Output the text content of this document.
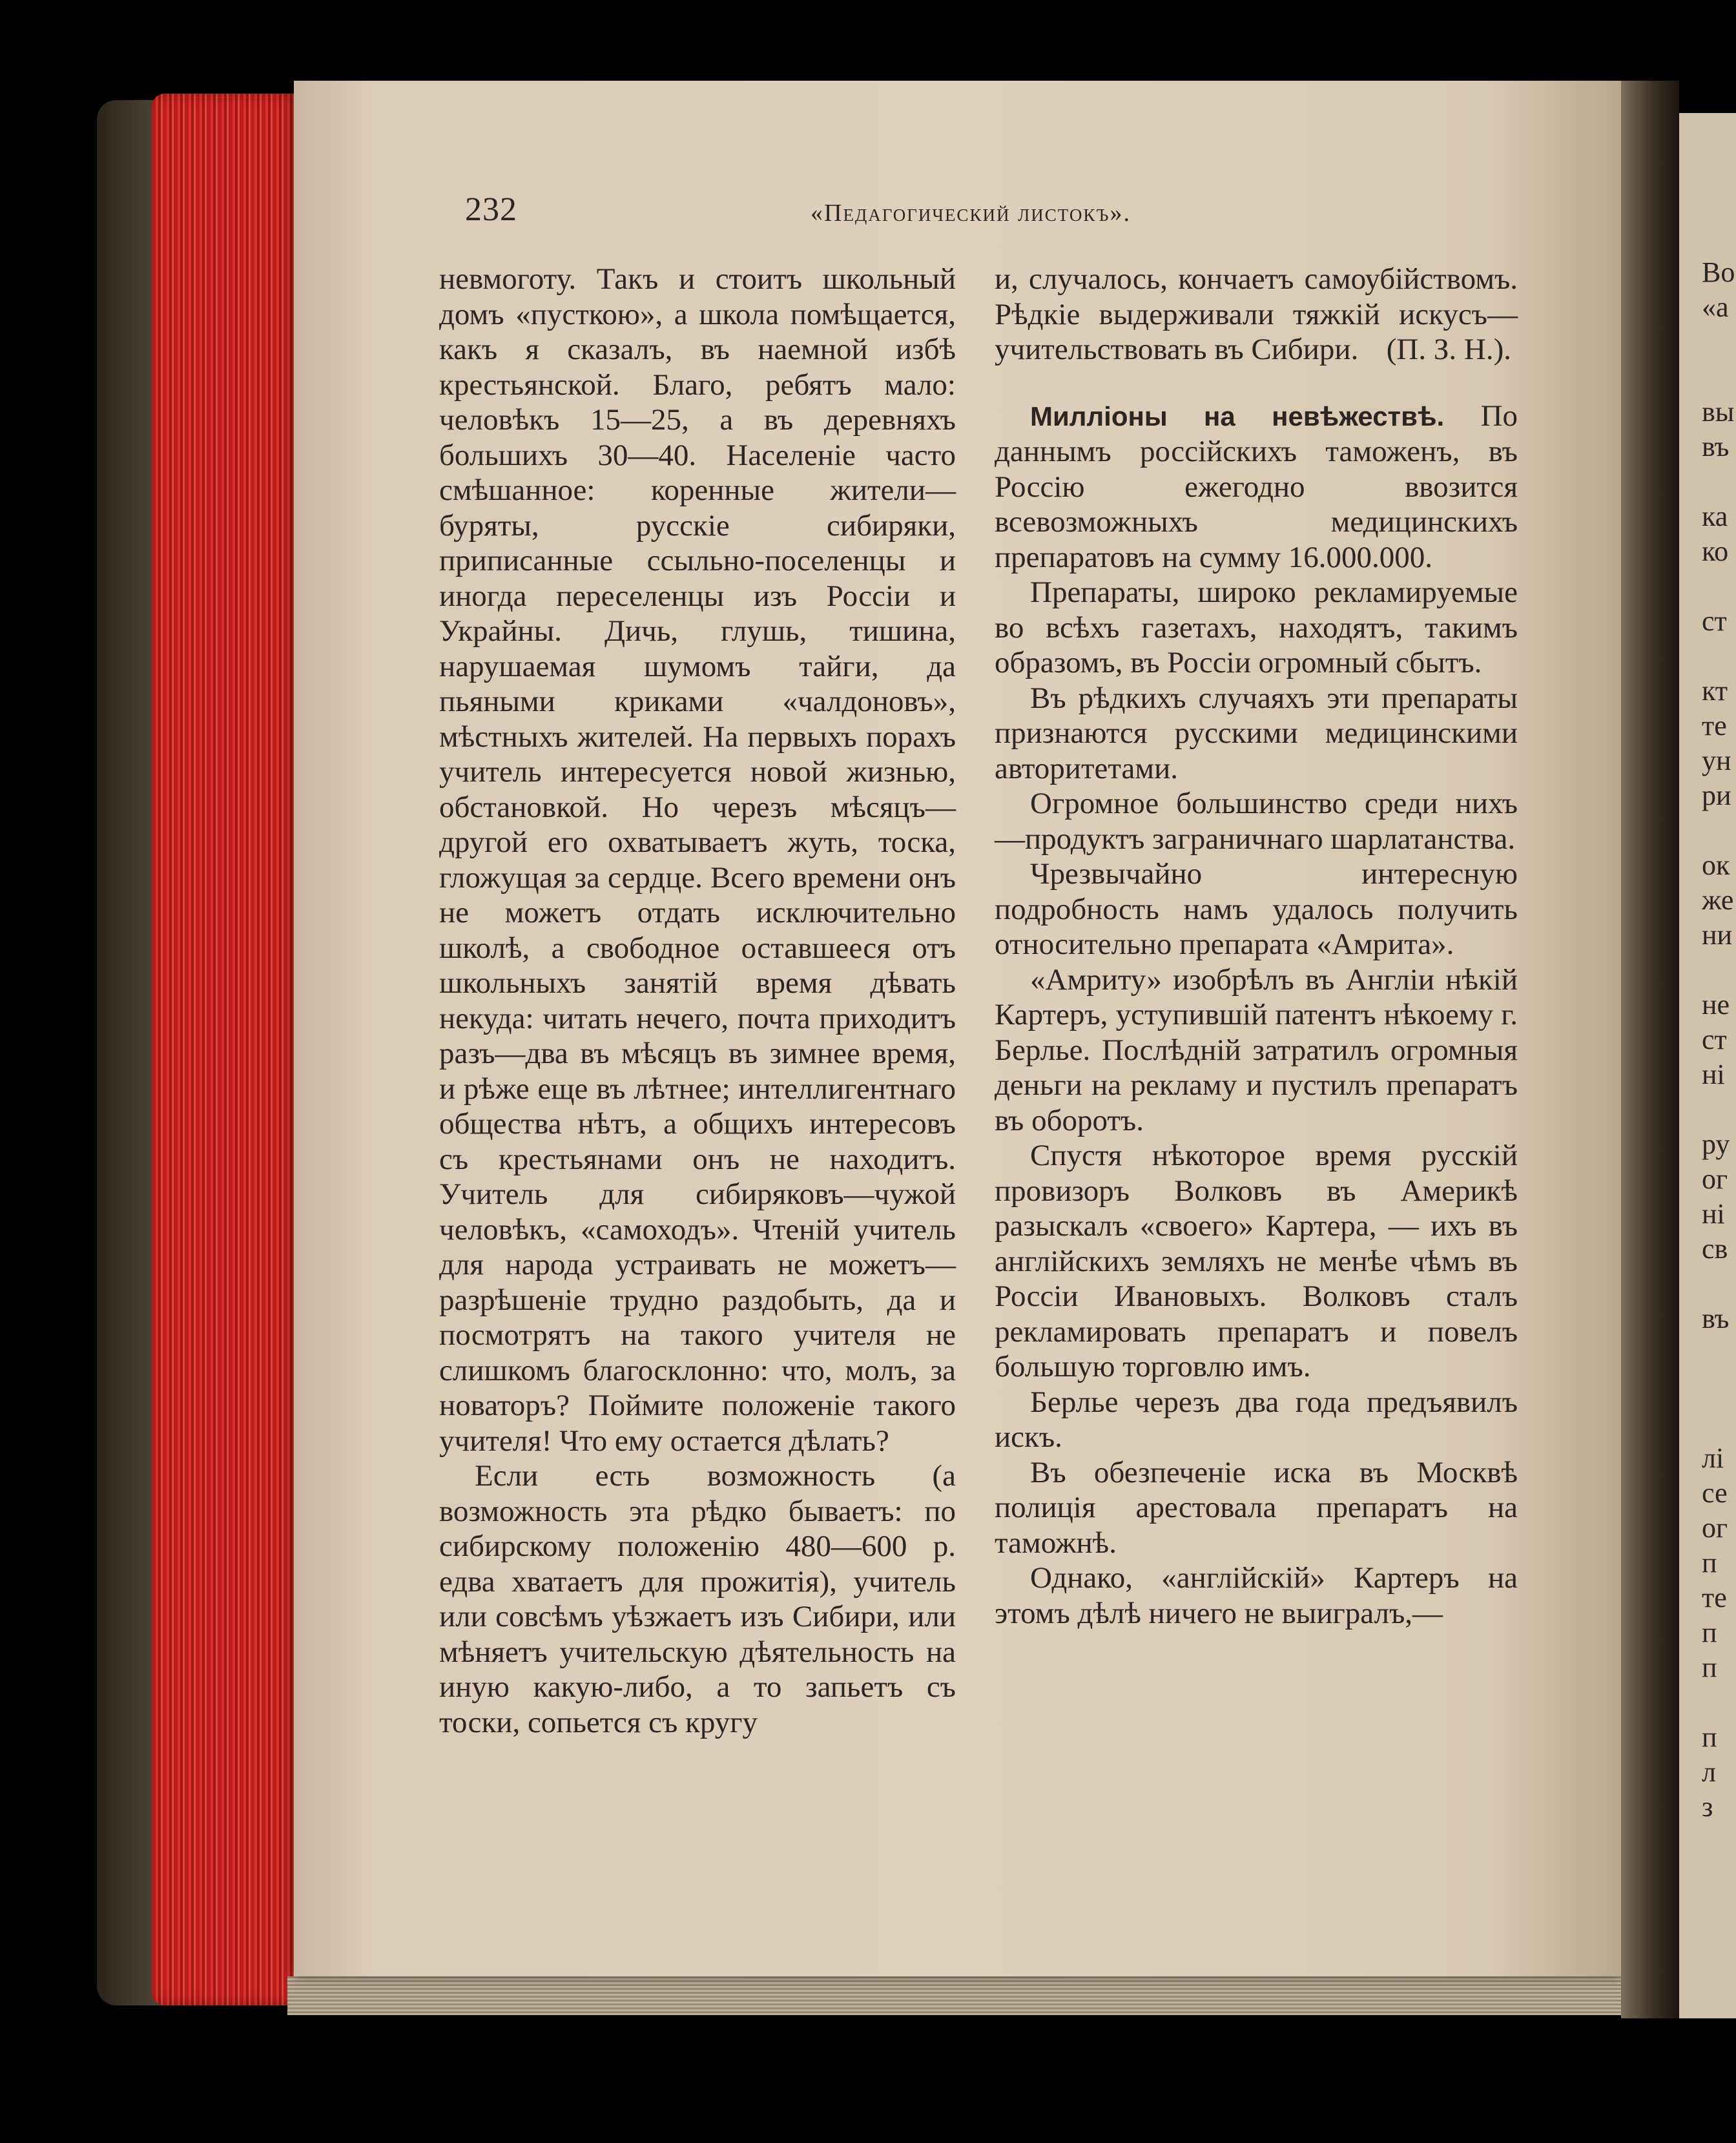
232	«Педагогический листокъ».

невмоготу. Такъ и стоитъ школьный домъ «пусткою», а школа помѣщается, какъ я сказалъ, въ наемной избѣ крестьянской. Благо, ребятъ мало: человѣкъ 15—25, а въ деревняхъ большихъ 30—40. Населеніе часто смѣшанное: коренные жители—буряты, русскіе сибиряки, приписанные ссыльно-поселенцы и иногда переселенцы изъ Россіи и Украйны. Дичь, глушь, тишина, нарушаемая шумомъ тайги, да пьяными криками «чалдоновъ», мѣстныхъ жителей. На первыхъ порахъ учитель интересуется новой жизнью, обстановкой. Но черезъ мѣсяцъ—другой его охватываетъ жуть, тоска, гложущая за сердце. Всего времени онъ не можетъ отдать исключительно школѣ, а свободное оставшееся отъ школьныхъ занятій время дѣвать некуда: читать нечего, почта приходитъ разъ—два въ мѣсяцъ въ зимнее время, и рѣже еще въ лѣтнее; интеллигентнаго общества нѣтъ, а общихъ интересовъ съ крестьянами онъ не находитъ. Учитель для сибиряковъ—чужой человѣкъ, «самоходъ». Чтеній учитель для народа устраивать не можетъ—разрѣшеніе трудно раздобыть, да и посмотрятъ на такого учителя не слишкомъ благосклонно: что, молъ, за новаторъ? Поймите положеніе такого учителя! Что ему остается дѣлать?

Если есть возможность (а возможность эта рѣдко бываетъ: по сибирскому положенію 480—600 р. едва хватаетъ для прожитія), учитель или совсѣмъ уѣзжаетъ изъ Сибири, или мѣняетъ учительскую дѣятельность на иную какую-либо, а то запьетъ съ тоски, сопьется съ кругу

и, случалось, кончаетъ самоубійствомъ. Рѣдкіе выдерживали тяжкій искусъ—учительствовать въ Сибири. (П. З. Н.).

Милліоны на невѣжествѣ. По даннымъ россійскихъ таможенъ, въ Россію ежегодно ввозится всевозможныхъ медицинскихъ препаратовъ на сумму 16.000.000.

Препараты, широко рекламируемые во всѣхъ газетахъ, находятъ, такимъ образомъ, въ Россіи огромный сбытъ.

Въ рѣдкихъ случаяхъ эти препараты признаются русскими медицинскими авторитетами.

Огромное большинство среди нихъ—продуктъ заграничнаго шарлатанства.

Чрезвычайно интересную подробность намъ удалось получить относительно препарата «Амрита».

«Амриту» изобрѣлъ въ Англіи нѣкій Картеръ, уступившій патентъ нѣкоему г. Берлье. Послѣдній затратилъ огромныя деньги на рекламу и пустилъ препаратъ въ оборотъ.

Спустя нѣкоторое время русскій провизоръ Волковъ въ Америкѣ разыскалъ «своего» Картера, — ихъ въ англійскихъ земляхъ не менѣе чѣмъ въ Россіи Ивановыхъ. Волковъ сталъ рекламировать препаратъ и повелъ большую торговлю имъ.

Берлье черезъ два года предъявилъ искъ.

Въ обезпеченіе иска въ Москвѣ полиція арестовала препаратъ на таможнѣ.

Однако, «англійскій» Картеръ на этомъ дѣлѣ ничего не выигралъ,—

Во
«а
вы
въ
ка
ко
ст
кт
те
ун
ри
ок
же
ни
не
ст
ні
ру
ог
ні
св
въ
лі
се
ог
п
те
п
п
п
л
з
